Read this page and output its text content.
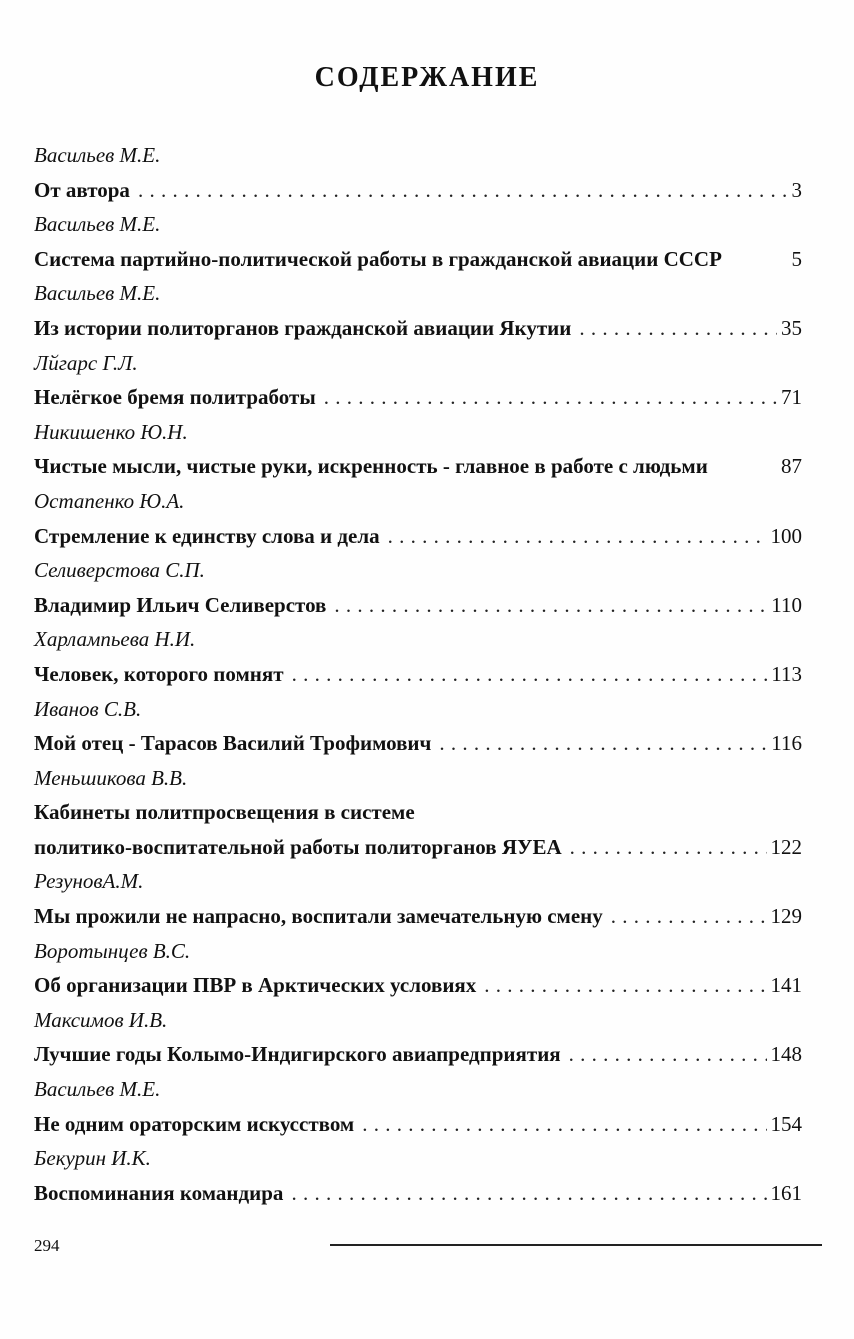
СОДЕРЖАНИЕ
Васильев М.Е.
От автора . . .	3
Васильев М.Е.
Система партийно-политической работы в гражданской авиации СССР	5
Васильев М.Е.
Из истории политорганов гражданской авиации Якутии . . .	35
Лйгарс Г.Л.
Нелёгкое бремя политработы . . .	71
Никишенко Ю.Н.
Чистые мысли, чистые руки, искренность - главное в работе с людьми	87
Остапенко Ю.А.
Стремление к единству слова и дела . . .	100
Селиверстова С.П.
Владимир Ильич Селиверстов . . .	110
Харлампьева Н.И.
Человек, которого помнят . . .	113
Иванов С.В.
Мой отец - Тарасов Василий Трофимович . . .	116
Меньшикова В.В.
Кабинеты политпросвещения в системе
политико-воспитательной работы политорганов ЯУЕА . . .	122
РезуновА.М.
Мы прожили не напрасно, воспитали замечательную смену . . .	129
Воротынцев В.С.
Об организации ПВР в Арктических условиях . . .	141
Максимов И.В.
Лучшие годы Колымо-Индигирского авиапредприятия . . .	148
Васильев М.Е.
Не одним ораторским искусством . . .	154
Бекурин И.К.
Воспоминания командира . . .	161
294
